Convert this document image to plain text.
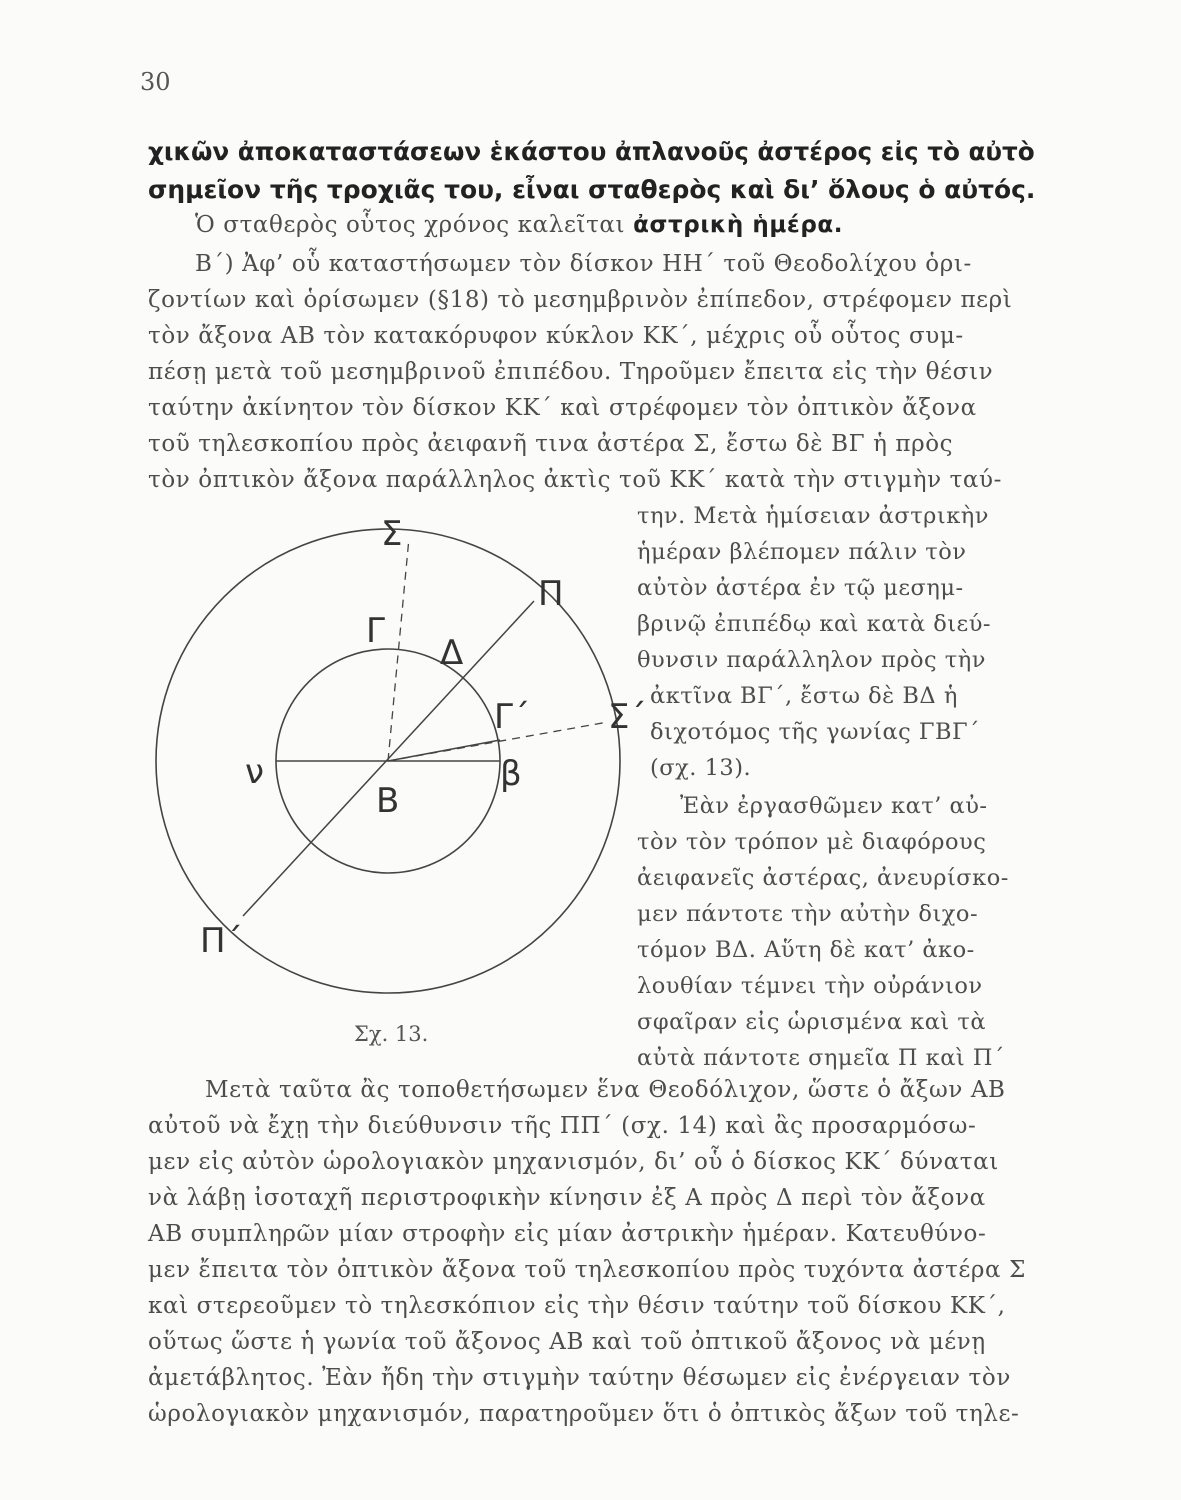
30
χικῶν ἀποκαταστάσεων ἑκάστου ἀπλανοῦς ἀστέρος εἰς τὸ αὐτὸ
σημεῖον τῆς τροχιᾶς του, εἶναι σταθερὸς καὶ δι’ ὅλους ὁ αὐτός.
Ὁ σταθερὸς οὗτος χρόνος καλεῖται ἀστρικὴ ἡμέρα.
Β΄) Ἀφ’ οὗ καταστήσωμεν τὸν δίσκον ΗΗ΄ τοῦ Θεοδολίχου ὁρι-
ζοντίων καὶ ὁρίσωμεν (§18) τὸ μεσημβρινὸν ἐπίπεδον, στρέφομεν περὶ
τὸν ἄξονα ΑΒ τὸν κατακόρυφον κύκλον ΚΚ΄, μέχρις οὗ οὗτος συμ-
πέσῃ μετὰ τοῦ μεσημβρινοῦ ἐπιπέδου. Τηροῦμεν ἔπειτα εἰς τὴν θέσιν
ταύτην ἀκίνητον τὸν δίσκον ΚΚ΄ καὶ στρέφομεν τὸν ὀπτικὸν ἄξονα
τοῦ τηλεσκοπίου πρὸς ἀειφανῆ τινα ἀστέρα Σ, ἔστω δὲ ΒΓ ἡ πρὸς
τὸν ὀπτικὸν ἄξονα παράλληλος ἀκτὶς τοῦ ΚΚ΄ κατὰ τὴν στιγμὴν ταύ-
την. Μετὰ ἡμίσειαν ἀστρικὴν
ἡμέραν βλέπομεν πάλιν τὸν
αὐτὸν ἀστέρα ἐν τῷ μεσημ-
βρινῷ ἐπιπέδῳ καὶ κατὰ διεύ-
θυνσιν παράλληλον πρὸς τὴν
ἀκτῖνα ΒΓ΄, ἔστω δὲ ΒΔ ἡ
διχοτόμος τῆς γωνίας ΓΒΓ΄
(σχ. 13).
Ἐὰν ἐργασθῶμεν κατ’ αὐ-
τὸν τὸν τρόπον μὲ διαφόρους
ἀειφανεῖς ἀστέρας, ἀνευρίσκο-
μεν πάντοτε τὴν αὐτὴν διχο-
τόμον ΒΔ. Αὕτη δὲ κατ’ ἀκο-
λουθίαν τέμνει τὴν οὐράνιον
σφαῖραν εἰς ὡρισμένα καὶ τὰ
αὐτὰ πάντοτε σημεῖα Π καὶ Π΄
Σ
Π
Γ
Δ
Γ΄ Σ΄
ν	β
Β
Π΄
Σχ. 13.
Μετὰ ταῦτα ἂς τοποθετήσωμεν ἕνα Θεοδόλιχον, ὥστε ὁ ἄξων ΑΒ
αὐτοῦ νὰ ἔχῃ τὴν διεύθυνσιν τῆς ΠΠ΄ (σχ. 14) καὶ ἂς προσαρμόσω-
μεν εἰς αὐτὸν ὡρολογιακὸν μηχανισμόν, δι’ οὗ ὁ δίσκος ΚΚ΄ δύναται
νὰ λάβῃ ἰσοταχῆ περιστροφικὴν κίνησιν ἐξ Α πρὸς Δ περὶ τὸν ἄξονα
ΑΒ συμπληρῶν μίαν στροφὴν εἰς μίαν ἀστρικὴν ἡμέραν. Κατευθύνο-
μεν ἔπειτα τὸν ὀπτικὸν ἄξονα τοῦ τηλεσκοπίου πρὸς τυχόντα ἀστέρα Σ
καὶ στερεοῦμεν τὸ τηλεσκόπιον εἰς τὴν θέσιν ταύτην τοῦ δίσκου ΚΚ΄,
οὕτως ὥστε ἡ γωνία τοῦ ἄξονος ΑΒ καὶ τοῦ ὀπτικοῦ ἄξονος νὰ μένῃ
ἀμετάβλητος. Ἐὰν ἤδη τὴν στιγμὴν ταύτην θέσωμεν εἰς ἐνέργειαν τὸν
ὡρολογιακὸν μηχανισμόν, παρατηροῦμεν ὅτι ὁ ὀπτικὸς ἄξων τοῦ τηλε-
